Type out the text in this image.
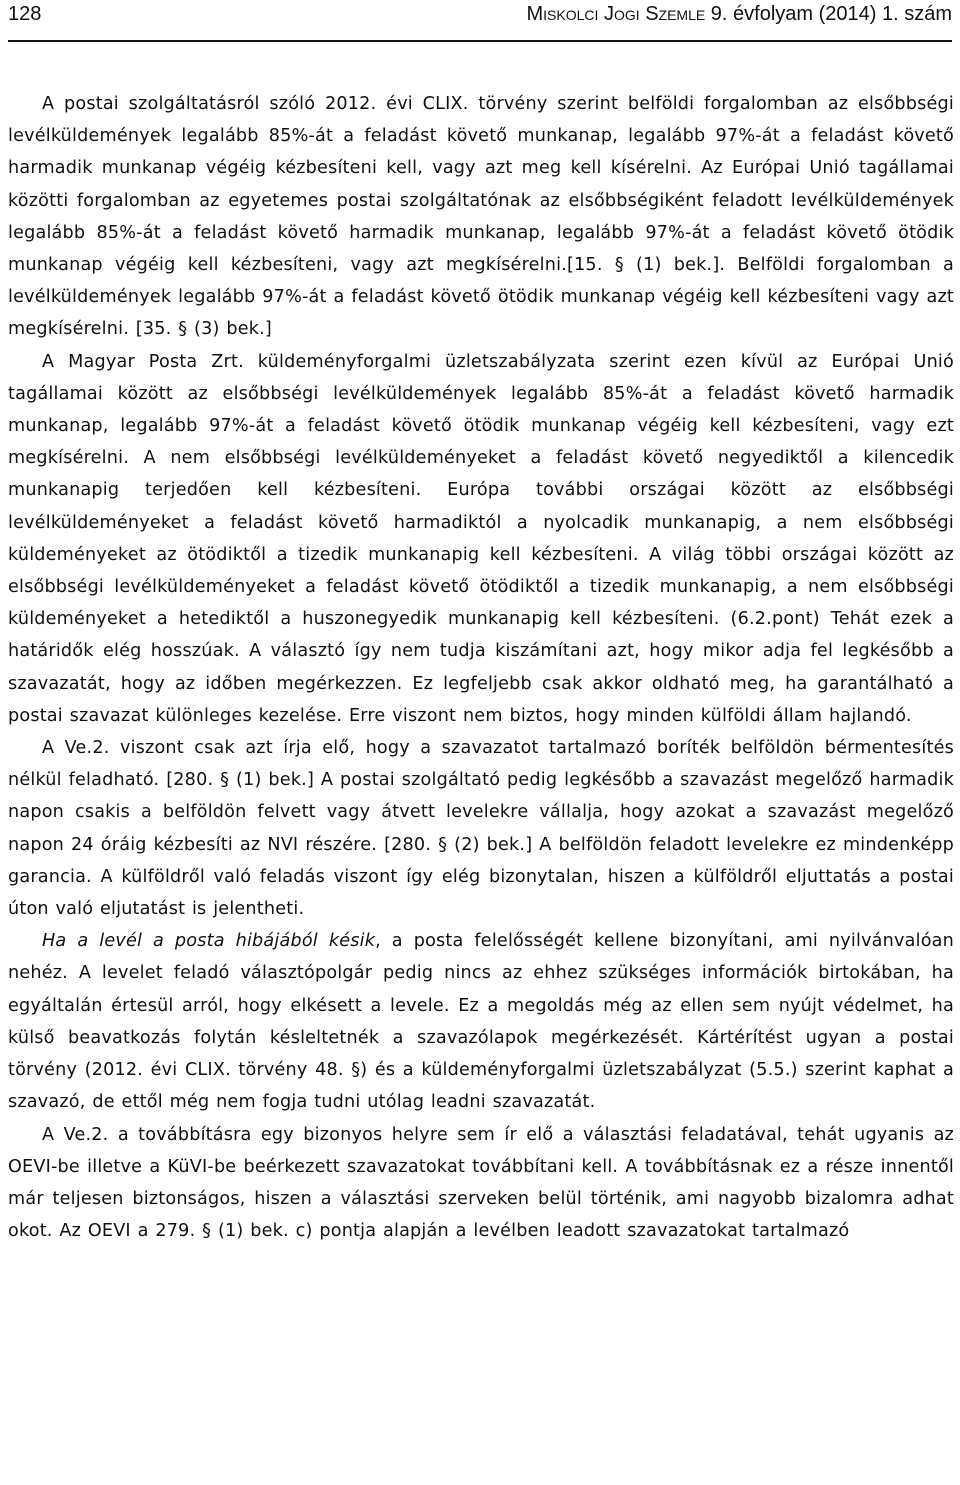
128	Miskolci Jogi Szemle 9. évfolyam (2014) 1. szám

A postai szolgáltatásról szóló 2012. évi CLIX. törvény szerint belföldi forgalomban az elsőbbségi levélküldemények legalább 85%-át a feladást követő munkanap, legalább 97%-át a feladást követő harmadik munkanap végéig kézbesíteni kell, vagy azt meg kell kísérelni. Az Európai Unió tagállamai közötti forgalomban az egyetemes postai szolgáltatónak az elsőbbségiként feladott levélküldemények legalább 85%-át a feladást követő harmadik munkanap, legalább 97%-át a feladást követő ötödik munkanap végéig kell kézbesíteni, vagy azt megkísérelni.[15. § (1) bek.]. Belföldi forgalomban a levélküldemények legalább 97%-át a feladást követő ötödik munkanap végéig kell kézbesíteni vagy azt megkísérelni. [35. § (3) bek.]

A Magyar Posta Zrt. küldeményforgalmi üzletszabályzata szerint ezen kívül az Európai Unió tagállamai között az elsőbbségi levélküldemények legalább 85%-át a feladást követő harmadik munkanap, legalább 97%-át a feladást követő ötödik munkanap végéig kell kézbesíteni, vagy ezt megkísérelni. A nem elsőbbségi levélküldeményeket a feladást követő negyediktől a kilencedik munkanapig terjedően kell kézbesíteni. Európa további országai között az elsőbbségi levélküldeményeket a feladást követő harmadiktól a nyolcadik munkanapig, a nem elsőbbségi küldeményeket az ötödiktől a tizedik munkanapig kell kézbesíteni. A világ többi országai között az elsőbbségi levélküldeményeket a feladást követő ötödiktől a tizedik munkanapig, a nem elsőbbségi küldeményeket a hetediktől a huszonegyedik munkanapig kell kézbesíteni. (6.2.pont) Tehát ezek a határidők elég hosszúak. A választó így nem tudja kiszámítani azt, hogy mikor adja fel legkésőbb a szavazatát, hogy az időben megérkezzen. Ez legfeljebb csak akkor oldható meg, ha garantálható a postai szavazat különleges kezelése. Erre viszont nem biztos, hogy minden külföldi állam hajlandó.

A Ve.2. viszont csak azt írja elő, hogy a szavazatot tartalmazó boríték belföldön bérmentesítés nélkül feladható. [280. § (1) bek.] A postai szolgáltató pedig legkésőbb a szavazást megelőző harmadik napon csakis a belföldön felvett vagy átvett levelekre vállalja, hogy azokat a szavazást megelőző napon 24 óráig kézbesíti az NVI részére. [280. § (2) bek.] A belföldön feladott levelekre ez mindenképp garancia. A külföldről való feladás viszont így elég bizonytalan, hiszen a külföldről eljuttatás a postai úton való eljutatást is jelentheti.

Ha a levél a posta hibájából késik, a posta felelősségét kellene bizonyítani, ami nyilvánvalóan nehéz. A levelet feladó választópolgár pedig nincs az ehhez szükséges információk birtokában, ha egyáltalán értesül arról, hogy elkésett a levele. Ez a megoldás még az ellen sem nyújt védelmet, ha külső beavatkozás folytán késleltetnék a szavazólapok megérkezését. Kártérítést ugyan a postai törvény (2012. évi CLIX. törvény 48. §) és a küldeményforgalmi üzletszabályzat (5.5.) szerint kaphat a szavazó, de ettől még nem fogja tudni utólag leadni szavazatát.

A Ve.2. a továbbításra egy bizonyos helyre sem ír elő a választási feladatával, tehát ugyanis az OEVI-be illetve a KüVI-be beérkezett szavazatokat továbbítani kell. A továbbításnak ez a része innentől már teljesen biztonságos, hiszen a választási szerveken belül történik, ami nagyobb bizalomra adhat okot. Az OEVI a 279. § (1) bek. c) pontja alapján a levélben leadott szavazatokat tartalmazó
